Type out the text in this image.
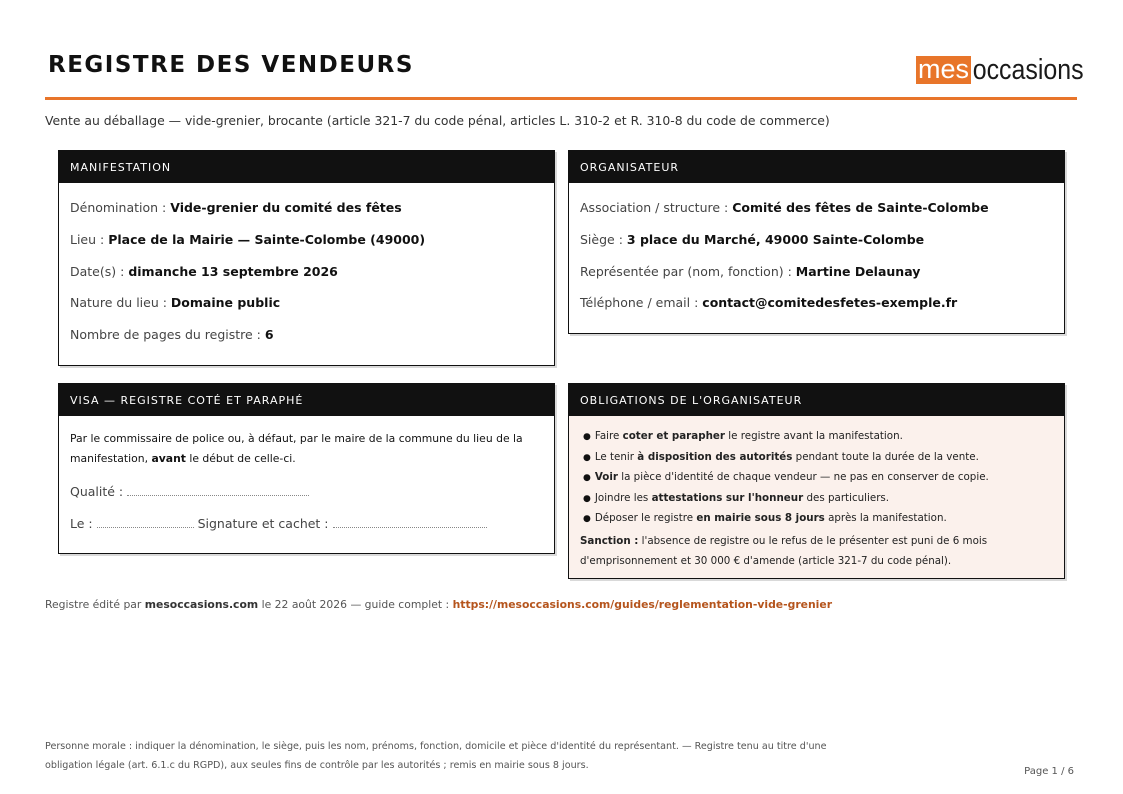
REGISTRE DES VENDEURS	mes occasions
Vente au déballage — vide-grenier, brocante (article 321-7 du code pénal, articles L. 310-2 et R. 310-8 du code de commerce)
MANIFESTATION
Dénomination : Vide-grenier du comité des fêtes
Lieu : Place de la Mairie — Sainte-Colombe (49000)
Date(s) : dimanche 13 septembre 2026
Nature du lieu : Domaine public
Nombre de pages du registre : 6
ORGANISATEUR
Association / structure : Comité des fêtes de Sainte-Colombe
Siège : 3 place du Marché, 49000 Sainte-Colombe
Représentée par (nom, fonction) : Martine Delaunay
Téléphone / email : contact@comitedesfetes-exemple.fr
VISA — REGISTRE COTÉ ET PARAPHÉ
Par le commissaire de police ou, à défaut, par le maire de la commune du lieu de la manifestation, avant le début de celle-ci.
Qualité :
Le :	Signature et cachet :
OBLIGATIONS DE L'ORGANISATEUR
● Faire coter et parapher le registre avant la manifestation.
● Le tenir à disposition des autorités pendant toute la durée de la vente.
● Voir la pièce d'identité de chaque vendeur — ne pas en conserver de copie.
● Joindre les attestations sur l'honneur des particuliers.
● Déposer le registre en mairie sous 8 jours après la manifestation.
Sanction : l'absence de registre ou le refus de le présenter est puni de 6 mois d'emprisonnement et 30 000 € d'amende (article 321-7 du code pénal).
Registre édité par mesoccasions.com le 22 août 2026 — guide complet : https://mesoccasions.com/guides/reglementation-vide-grenier
Personne morale : indiquer la dénomination, le siège, puis les nom, prénoms, fonction, domicile et pièce d'identité du représentant. — Registre tenu au titre d'une obligation légale (art. 6.1.c du RGPD), aux seules fins de contrôle par les autorités ; remis en mairie sous 8 jours.
Page 1 / 6
